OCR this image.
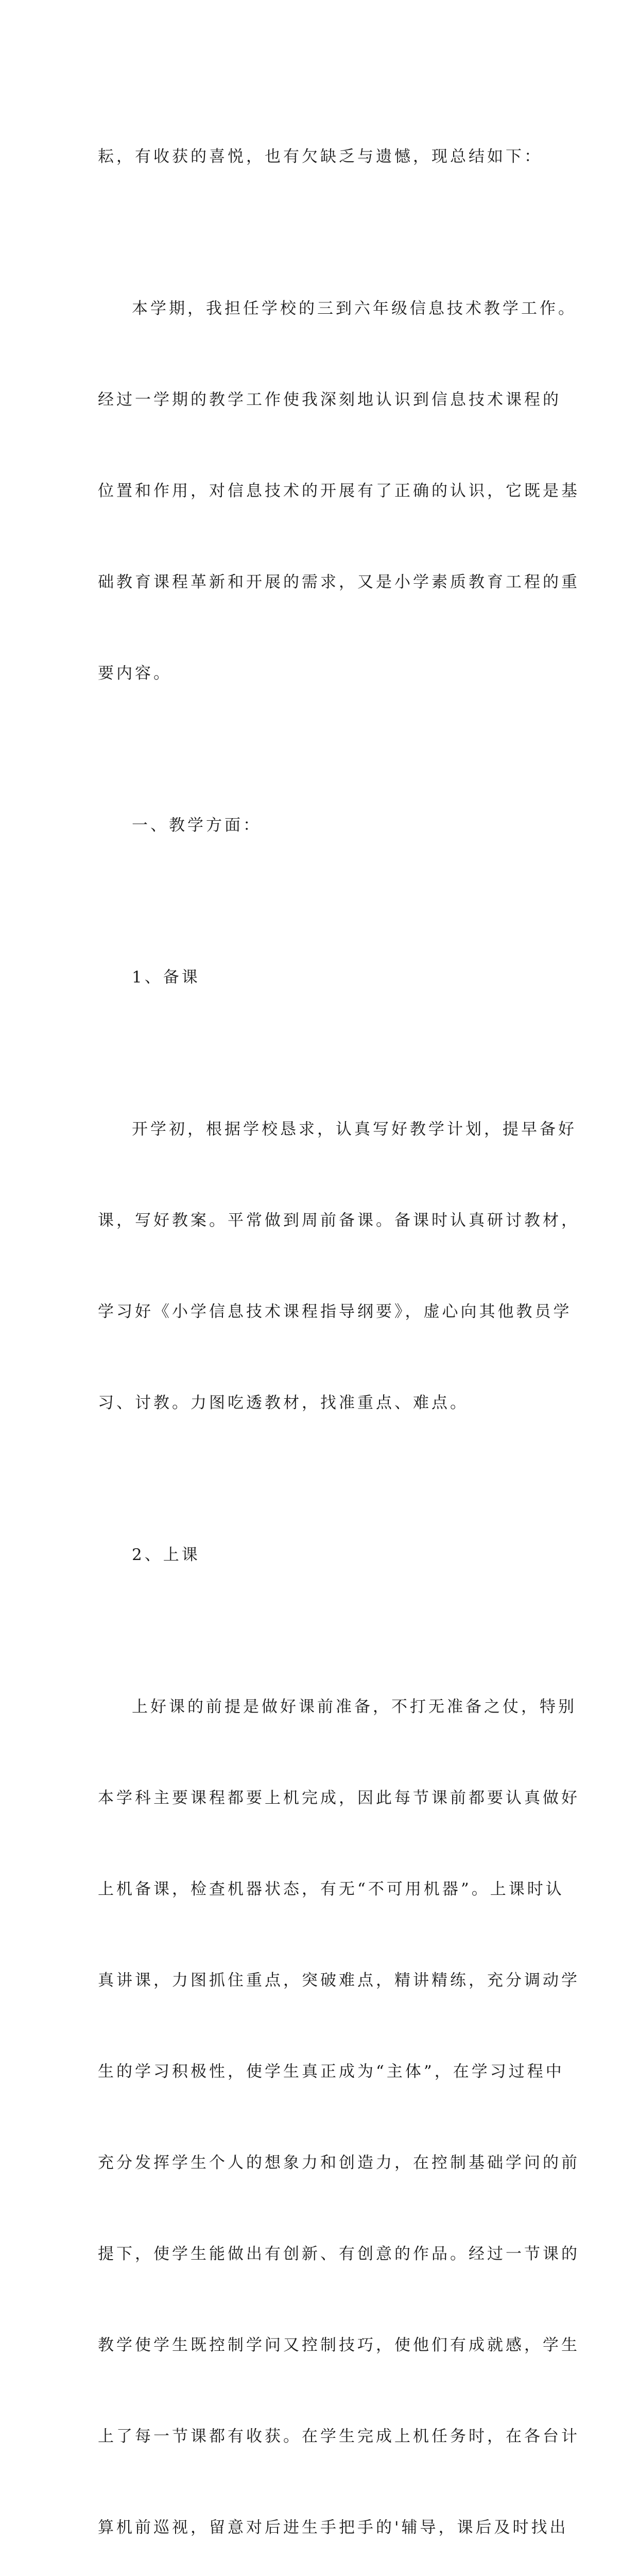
耘，有收获的喜悦，也有欠缺乏与遗憾，现总结如下：

本学期，我担任学校的三到六年级信息技术教学工作。

经过一学期的教学工作使我深刻地认识到信息技术课程的

位置和作用，对信息技术的开展有了正确的认识，它既是基

础教育课程革新和开展的需求，又是小学素质教育工程的重

要内容。

一、教学方面：

1、备课

开学初，根据学校恳求，认真写好教学计划，提早备好

课，写好教案。平常做到周前备课。备课时认真研讨教材，

学习好《小学信息技术课程指导纲要》，虚心向其他教员学

习、讨教。力图吃透教材，找准重点、难点。

2、上课

上好课的前提是做好课前准备，不打无准备之仗，特别

本学科主要课程都要上机完成，因此每节课前都要认真做好

上机备课，检查机器状态，有无“不可用机器”。上课时认

真讲课，力图抓住重点，突破难点，精讲精练，充分调动学

生的学习积极性，使学生真正成为“主体”，在学习过程中

充分发挥学生个人的想象力和创造力，在控制基础学问的前

提下，使学生能做出有创新、有创意的作品。经过一节课的

教学使学生既控制学问又控制技巧，使他们有成就感，学生

上了每一节课都有收获。在学生完成上机任务时，在各台计

算机前巡视，留意对后进生手把手的'辅导，课后及时找出
